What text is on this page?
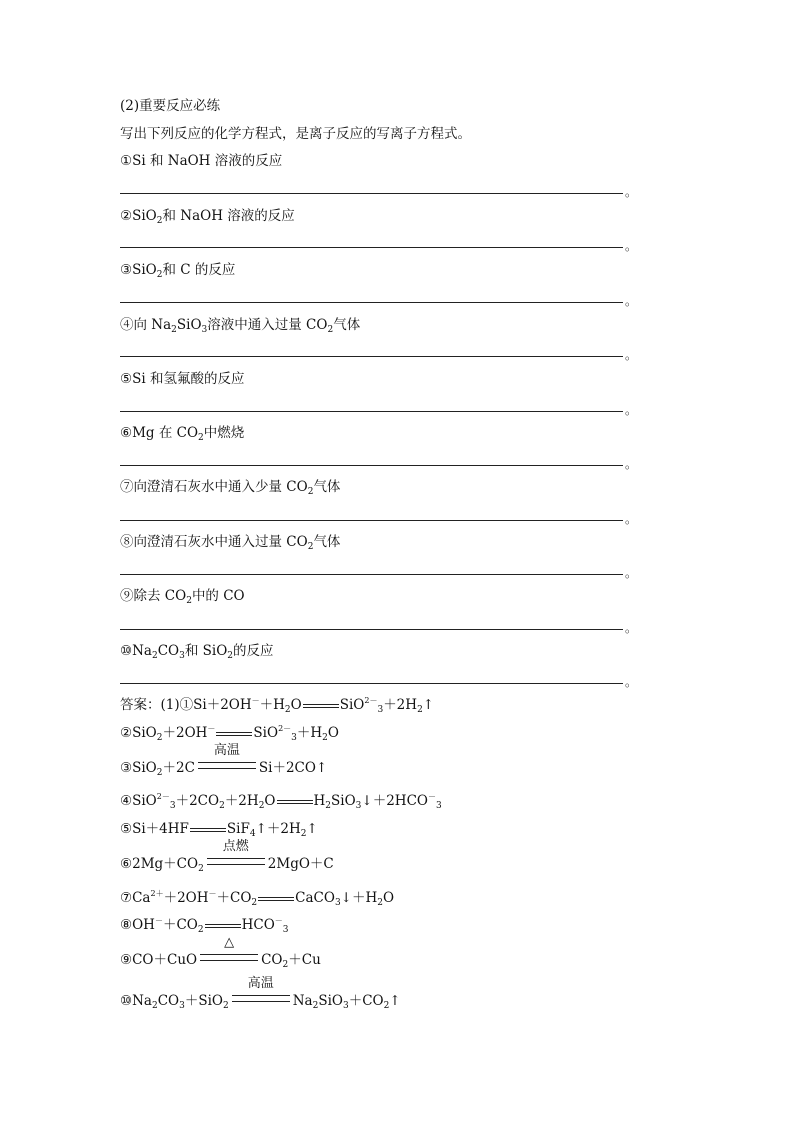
(2)重要反应必练
写出下列反应的化学方程式，是离子反应的写离子方程式。
①Si 和 NaOH 溶液的反应
。
②SiO$_2$和 NaOH 溶液的反应
。
③SiO$_2$和 C 的反应
。
④向 $Na_2SiO_3$溶液中通入过量 $CO_2$气体
。
⑤Si 和氢氟酸的反应
。
⑥Mg 在 $CO_2$中燃烧
。
⑦向澄清石灰水中通入少量 $CO_2$气体
。
⑧向澄清石灰水中通入过量 $CO_2$气体
。
⑨除去 $CO_2$中的 CO
。
$⑩Na_2CO_3$和 SiO$_2$的反应
。
答案：$(1)①Si+2OH^-+H_2O$	$SiO^{2-}_3+2H_2↑$
②SiO$_2$＋2OH－	$SiO^{2-}_3+H_2O$
③SiO$_2$＋2C
高温
Si＋2CO↑
$④SiO^{2-}_3+2CO_2+2H_2O$	$H_2SiO_3↓+2HCO^-_3$
⑤Si＋4HF	$SiF_4↑+2H_2↑$
$⑥2Mg+CO_2$
点燃
2MgO＋C
$⑦Ca^{2+}+2OH^-+CO_2$	$CaCO_3↓+H_2O$
$⑧OH^-+CO_2$	$HCO^-_3$
⑨CO＋CuO
△
$CO_2+Cu$
$⑩Na_2CO_3+SiO_2$
高温
$Na_2SiO_3+CO_2↑$
